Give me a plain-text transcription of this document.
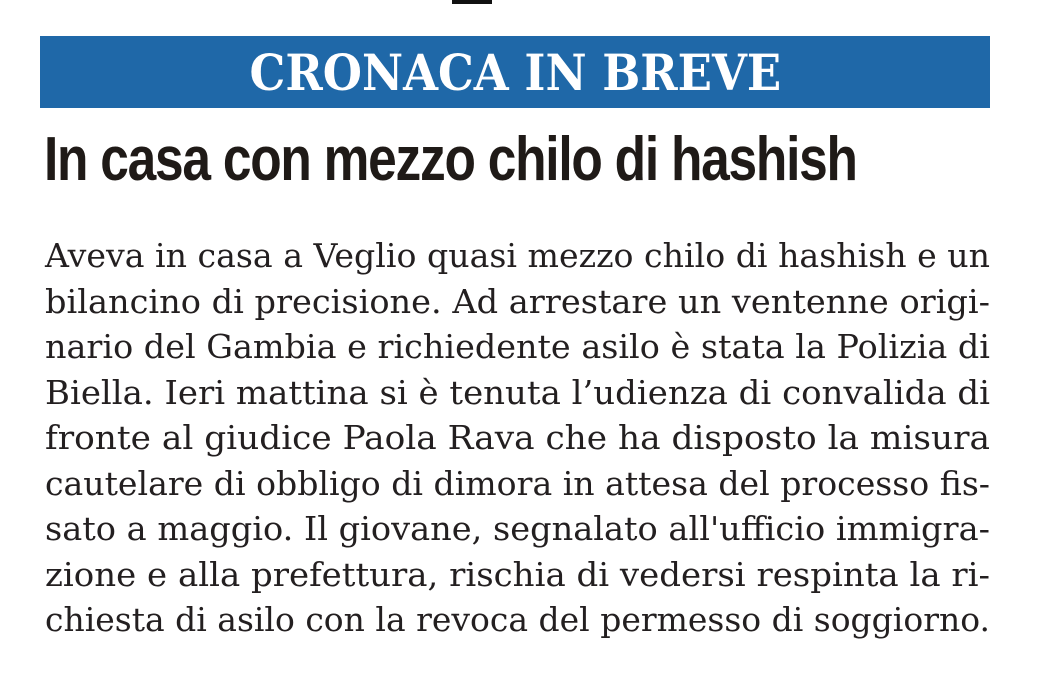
CRONACA IN BREVE
In casa con mezzo chilo di hashish
Aveva in casa a Veglio quasi mezzo chilo di hashish e un
bilancino di precisione. Ad arrestare un ventenne origi-
nario del Gambia e richiedente asilo è stata la Polizia di
Biella. Ieri mattina si è tenuta l’udienza di convalida di
fronte al giudice Paola Rava che ha disposto la misura
cautelare di obbligo di dimora in attesa del processo fis-
sato a maggio. Il giovane, segnalato all'ufficio immigra-
zione e alla prefettura, rischia di vedersi respinta la ri-
chiesta di asilo con la revoca del permesso di soggiorno.
